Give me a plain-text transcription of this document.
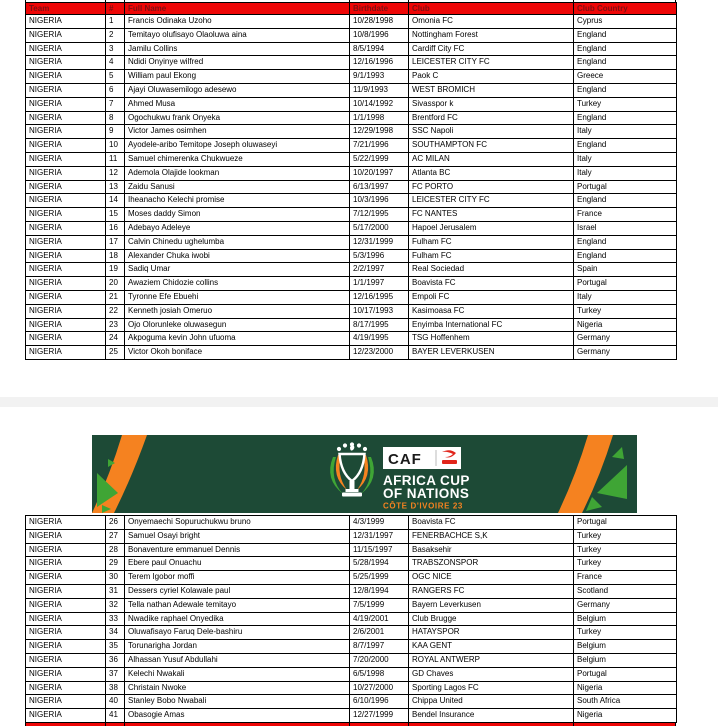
Team	#	Full Name	Birthdate	Club	Club Country
NIGERIA	1	Francis Odinaka Uzoho	10/28/1998	Omonia FC	Cyprus
NIGERIA	2	Temitayo olufisayo Olaoluwa aina	10/8/1996	Nottingham Forest	England
NIGERIA	3	Jamilu Collins	8/5/1994	Cardiff City FC	England
NIGERIA	4	Ndidi Onyinye wilfred	12/16/1996	LEICESTER CITY FC	England
NIGERIA	5	William paul Ekong	9/1/1993	Paok C	Greece
NIGERIA	6	Ajayi Oluwasemilogo adesewo	11/9/1993	WEST BROMICH	England
NIGERIA	7	Ahmed Musa	10/14/1992	Sivasspor k	Turkey
NIGERIA	8	Ogochukwu frank Onyeka	1/1/1998	Brentford FC	England
NIGERIA	9	Victor James osimhen	12/29/1998	SSC Napoli	Italy
NIGERIA	10	Ayodele-aribo Temitope Joseph oluwaseyi	7/21/1996	SOUTHAMPTON FC	England
NIGERIA	11	Samuel chimerenka Chukwueze	5/22/1999	AC MILAN	Italy
NIGERIA	12	Ademola Olajide lookman	10/20/1997	Atlanta BC	Italy
NIGERIA	13	Zaidu Sanusi	6/13/1997	FC PORTO	Portugal
NIGERIA	14	Iheanacho Kelechi promise	10/3/1996	LEICESTER CITY FC	England
NIGERIA	15	Moses daddy Simon	7/12/1995	FC NANTES	France
NIGERIA	16	Adebayo Adeleye	5/17/2000	Hapoel Jerusalem	Israel
NIGERIA	17	Calvin Chinedu ughelumba	12/31/1999	Fulham FC	England
NIGERIA	18	Alexander Chuka iwobi	5/3/1996	Fulham FC	England
NIGERIA	19	Sadiq Umar	2/2/1997	Real Sociedad	Spain
NIGERIA	20	Awaziem Chidozie collins	1/1/1997	Boavista FC	Portugal
NIGERIA	21	Tyronne Efe Ebuehi	12/16/1995	Empoli FC	Italy
NIGERIA	22	Kenneth josiah Omeruo	10/17/1993	Kasimoasa FC	Turkey
NIGERIA	23	Ojo Olorunleke oluwasegun	8/17/1995	Enyimba International FC	Nigeria
NIGERIA	24	Akpoguma kevin John ufuoma	4/19/1995	TSG Hoffenhem	Germany
NIGERIA	25	Victor Okoh boniface	12/23/2000	BAYER LEVERKUSEN	Germany
CAF
AFRICA CUP
OF NATIONS
CÔTE D'IVOIRE 23
NIGERIA	26	Onyemaechi Sopuruchukwu bruno	4/3/1999	Boavista FC	Portugal
NIGERIA	27	Samuel Osayi bright	12/31/1997	FENERBACHCE S,K	Turkey
NIGERIA	28	Bonaventure emmanuel Dennis	11/15/1997	Basaksehir	Turkey
NIGERIA	29	Ebere paul Onuachu	5/28/1994	TRABSZONSPOR	Turkey
NIGERIA	30	Terem Igobor moffi	5/25/1999	OGC NICE	France
NIGERIA	31	Dessers cyriel Kolawale paul	12/8/1994	RANGERS FC	Scotland
NIGERIA	32	Tella nathan Adewale temitayo	7/5/1999	Bayern Leverkusen	Germany
NIGERIA	33	Nwadike raphael Onyedika	4/19/2001	Club Brugge	Belgium
NIGERIA	34	Oluwafisayo Faruq Dele-bashiru	2/6/2001	HATAYSPOR	Turkey
NIGERIA	35	Torunarigha Jordan	8/7/1997	KAA GENT	Belgium
NIGERIA	36	Alhassan Yusuf Abdullahi	7/20/2000	ROYAL ANTWERP	Belgium
NIGERIA	37	Kelechi Nwakali	6/5/1998	GD Chaves	Portugal
NIGERIA	38	Christain Nwoke	10/27/2000	Sporting Lagos FC	Nigeria
NIGERIA	40	Stanley Bobo Nwabali	6/10/1996	Chippa United	South Africa
NIGERIA	41	Obasogie Amas	12/27/1999	Bendel Insurance	Nigeria
